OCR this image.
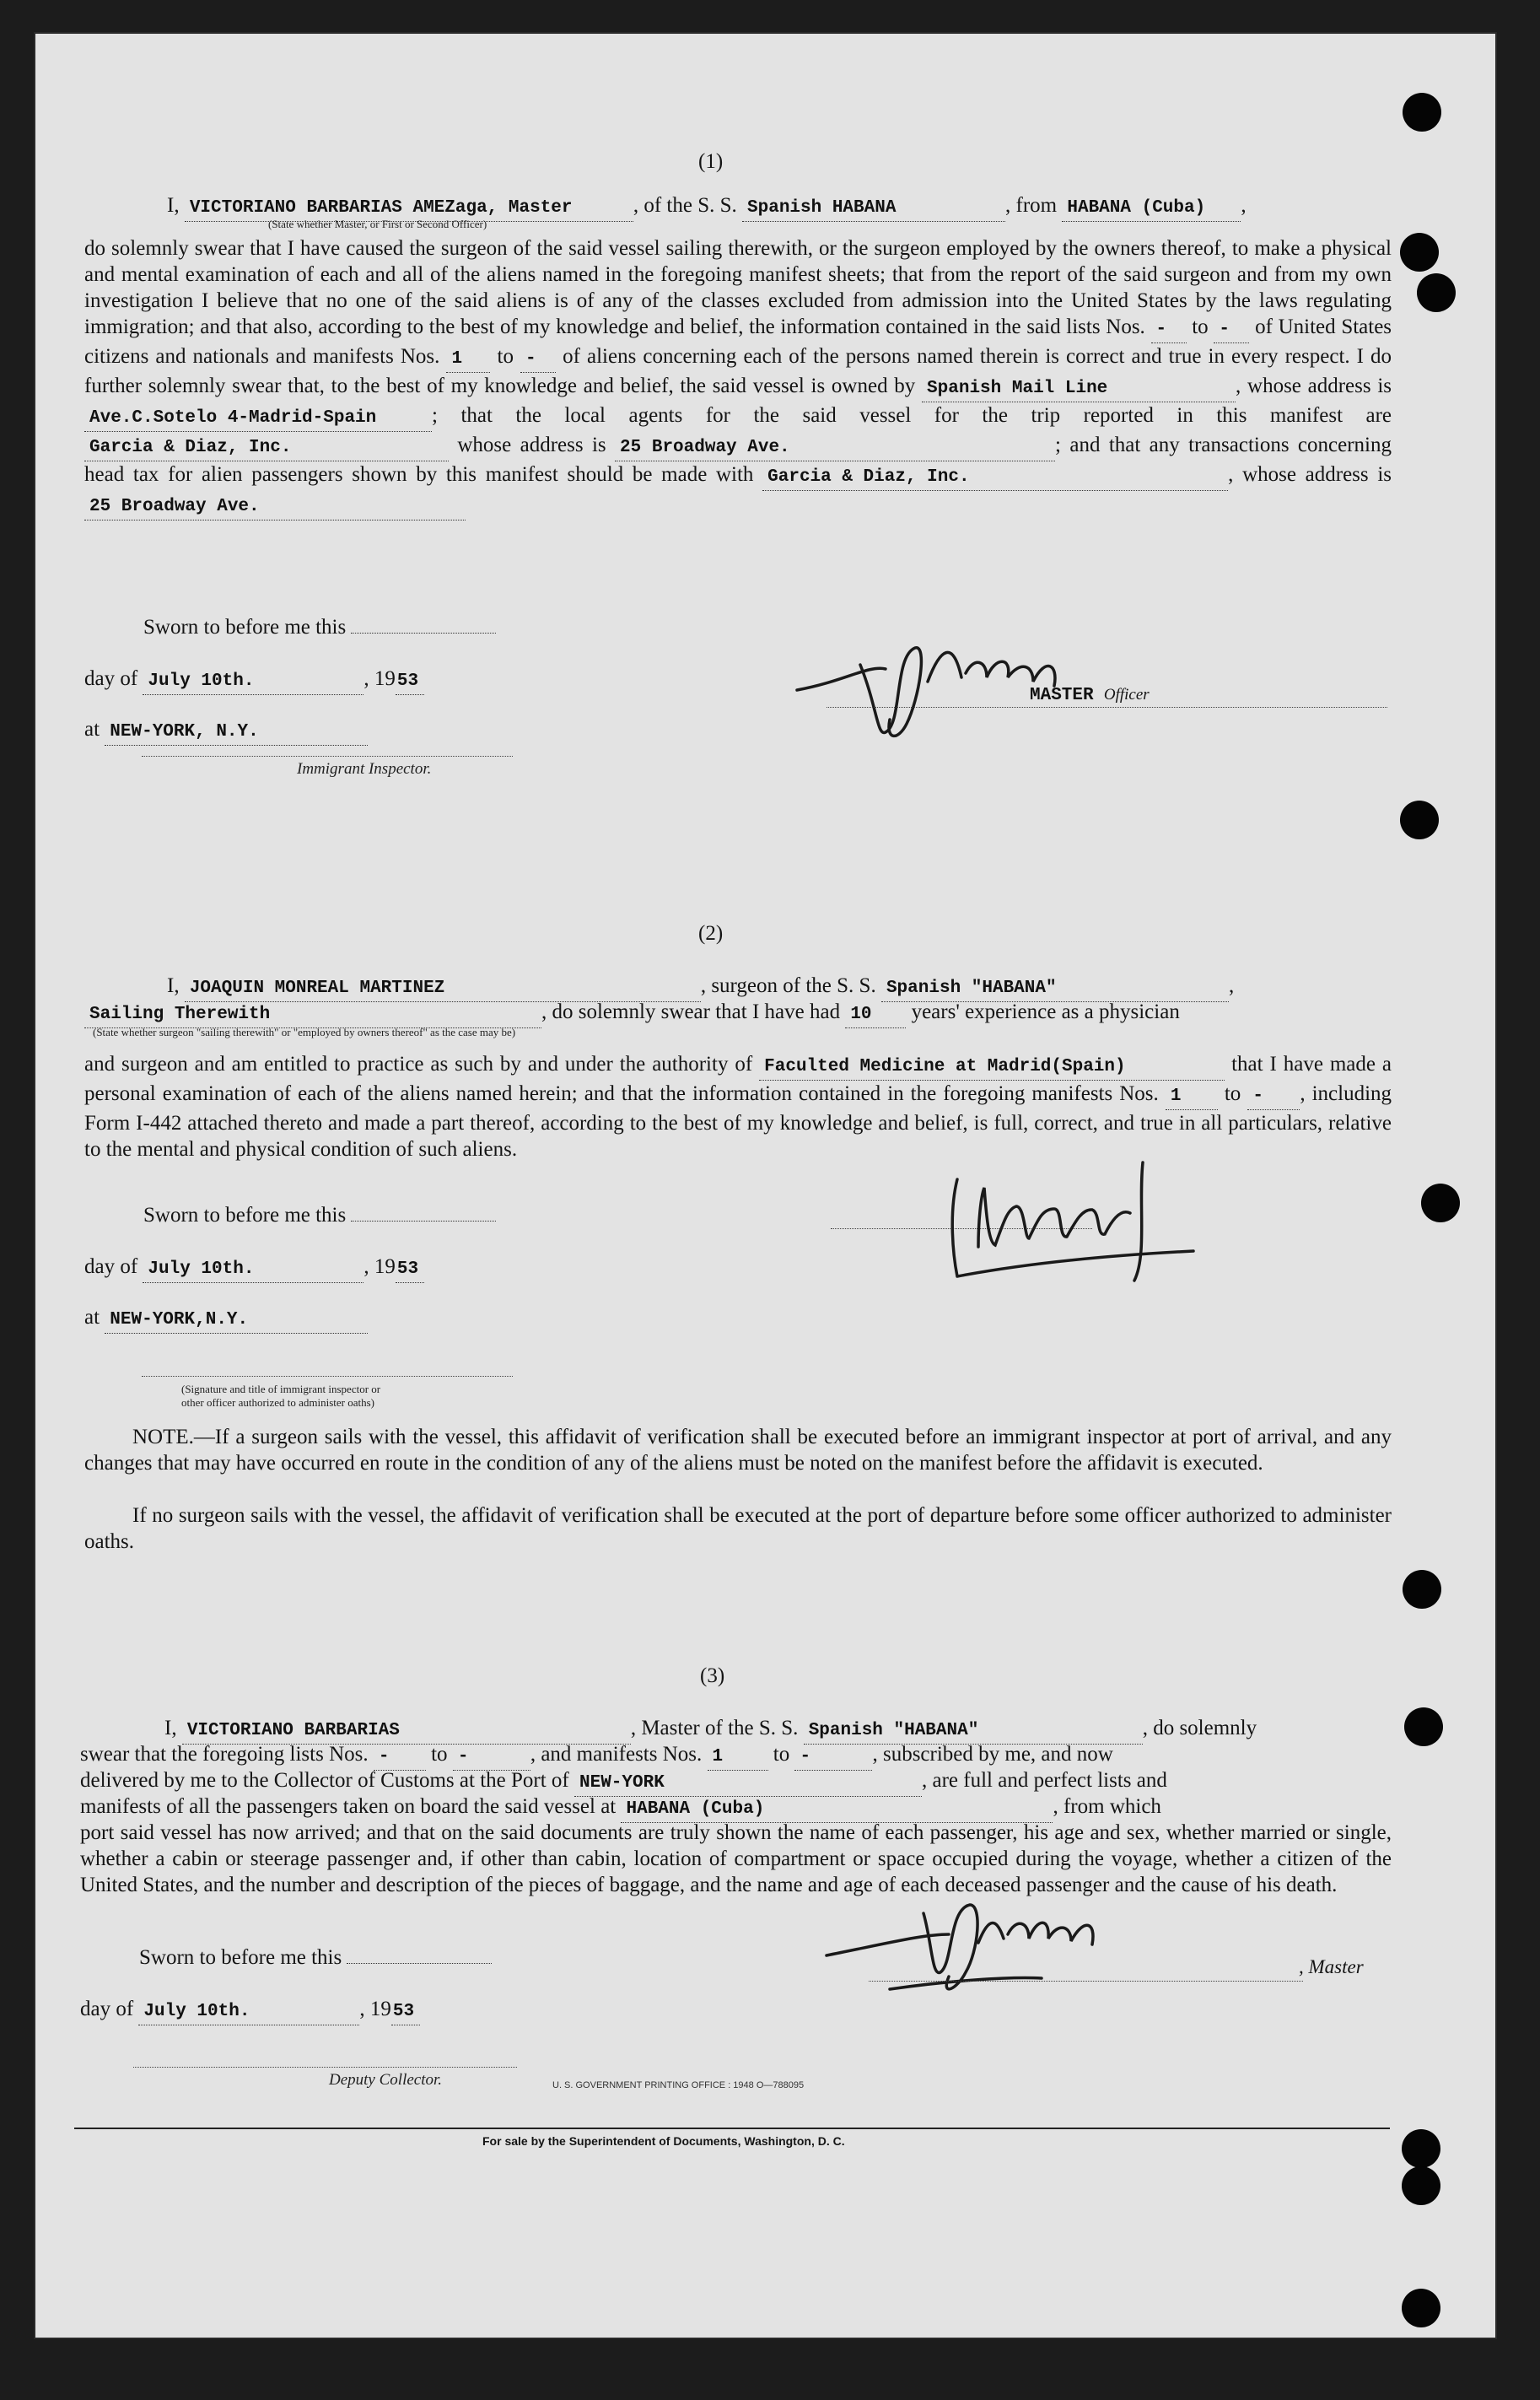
(1)
I, VICTORIANO BARBARIAS AMEZaga, Master	, of the S. S. Spanish HABANA	, from HABANA (Cuba) ,
(State whether Master, or First or Second Officer)
do solemnly swear that I have caused the surgeon of the said vessel sailing therewith, or the surgeon employed by the owners thereof, to make a physical and mental examination of each and all of the aliens named in the foregoing manifest sheets; that from the report of the said surgeon and from my own investigation I believe that no one of the said aliens is of any of the classes excluded from admission into the United States by the laws regulating immigration; and that also, according to the best of my knowledge and belief, the information contained in the said lists Nos. - to - of United States citizens and nationals and manifests Nos. 1 to - of aliens concerning each of the persons named therein is correct and true in every respect. I do further solemnly swear that, to the best of my knowledge and belief, the said vessel is owned by Spanish Mail Line	, whose address is Ave.C.Sotelo 4-Madrid-Spain	; that the local agents for the said vessel for the trip reported in this manifest are Garcia & Diaz, Inc.	whose address is 25 Broadway Ave.	; and that any transactions concerning head tax for alien passengers shown by this manifest should be made with Garcia & Diaz, Inc.	, whose address is 25 Broadway Ave.
Sworn to before me this
day of July 10th.	, 1953
at NEW-YORK, N.Y.
Immigrant Inspector.
MASTER Officer
(2)
I, JOAQUIN MONREAL MARTINEZ	, surgeon of the S. S. Spanish "HABANA"	,
Sailing Therewith	, do solemnly swear that I have had 10 years' experience as a physician
(State whether surgeon "sailing therewith" or "employed by owners thereof" as the case may be)
and surgeon and am entitled to practice as such by and under the authority of Faculted Medicine at Madrid(Spain)	that I have made a personal examination of each of the aliens named herein; and that the information contained in the foregoing manifests Nos. 1 to - , including Form I-442 attached thereto and made a part thereof, according to the best of my knowledge and belief, is full, correct, and true in all particulars, relative to the mental and physical condition of such aliens.
Sworn to before me this
day of July 10th.	, 1953
at NEW-YORK,N.Y.
(Signature and title of immigrant inspector or
other officer authorized to administer oaths)
NOTE.—If a surgeon sails with the vessel, this affidavit of verification shall be executed before an immigrant inspector at port of arrival, and any changes that may have occurred en route in the condition of any of the aliens must be noted on the manifest before the affidavit is executed.
If no surgeon sails with the vessel, the affidavit of verification shall be executed at the port of departure before some officer authorized to administer oaths.
(3)
I, VICTORIANO BARBARIAS	, Master of the S. S. Spanish "HABANA"	, do solemnly
swear that the foregoing lists Nos. - to -	, and manifests Nos. 1 to -	, subscribed by me, and now
delivered by me to the Collector of Customs at the Port of NEW-YORK	, are full and perfect lists and
manifests of all the passengers taken on board the said vessel at HABANA (Cuba)	, from which
port said vessel has now arrived; and that on the said documents are truly shown the name of each passenger, his age and sex, whether married or single, whether a cabin or steerage passenger and, if other than cabin, location of compartment or space occupied during the voyage, whether a citizen of the United States, and the number and description of the pieces of baggage, and the name and age of each deceased passenger and the cause of his death.
Sworn to before me this
day of July 10th.	, 1953
, Master
Deputy Collector.	U. S. GOVERNMENT PRINTING OFFICE : 1948 O—788095
For sale by the Superintendent of Documents, Washington, D. C.
